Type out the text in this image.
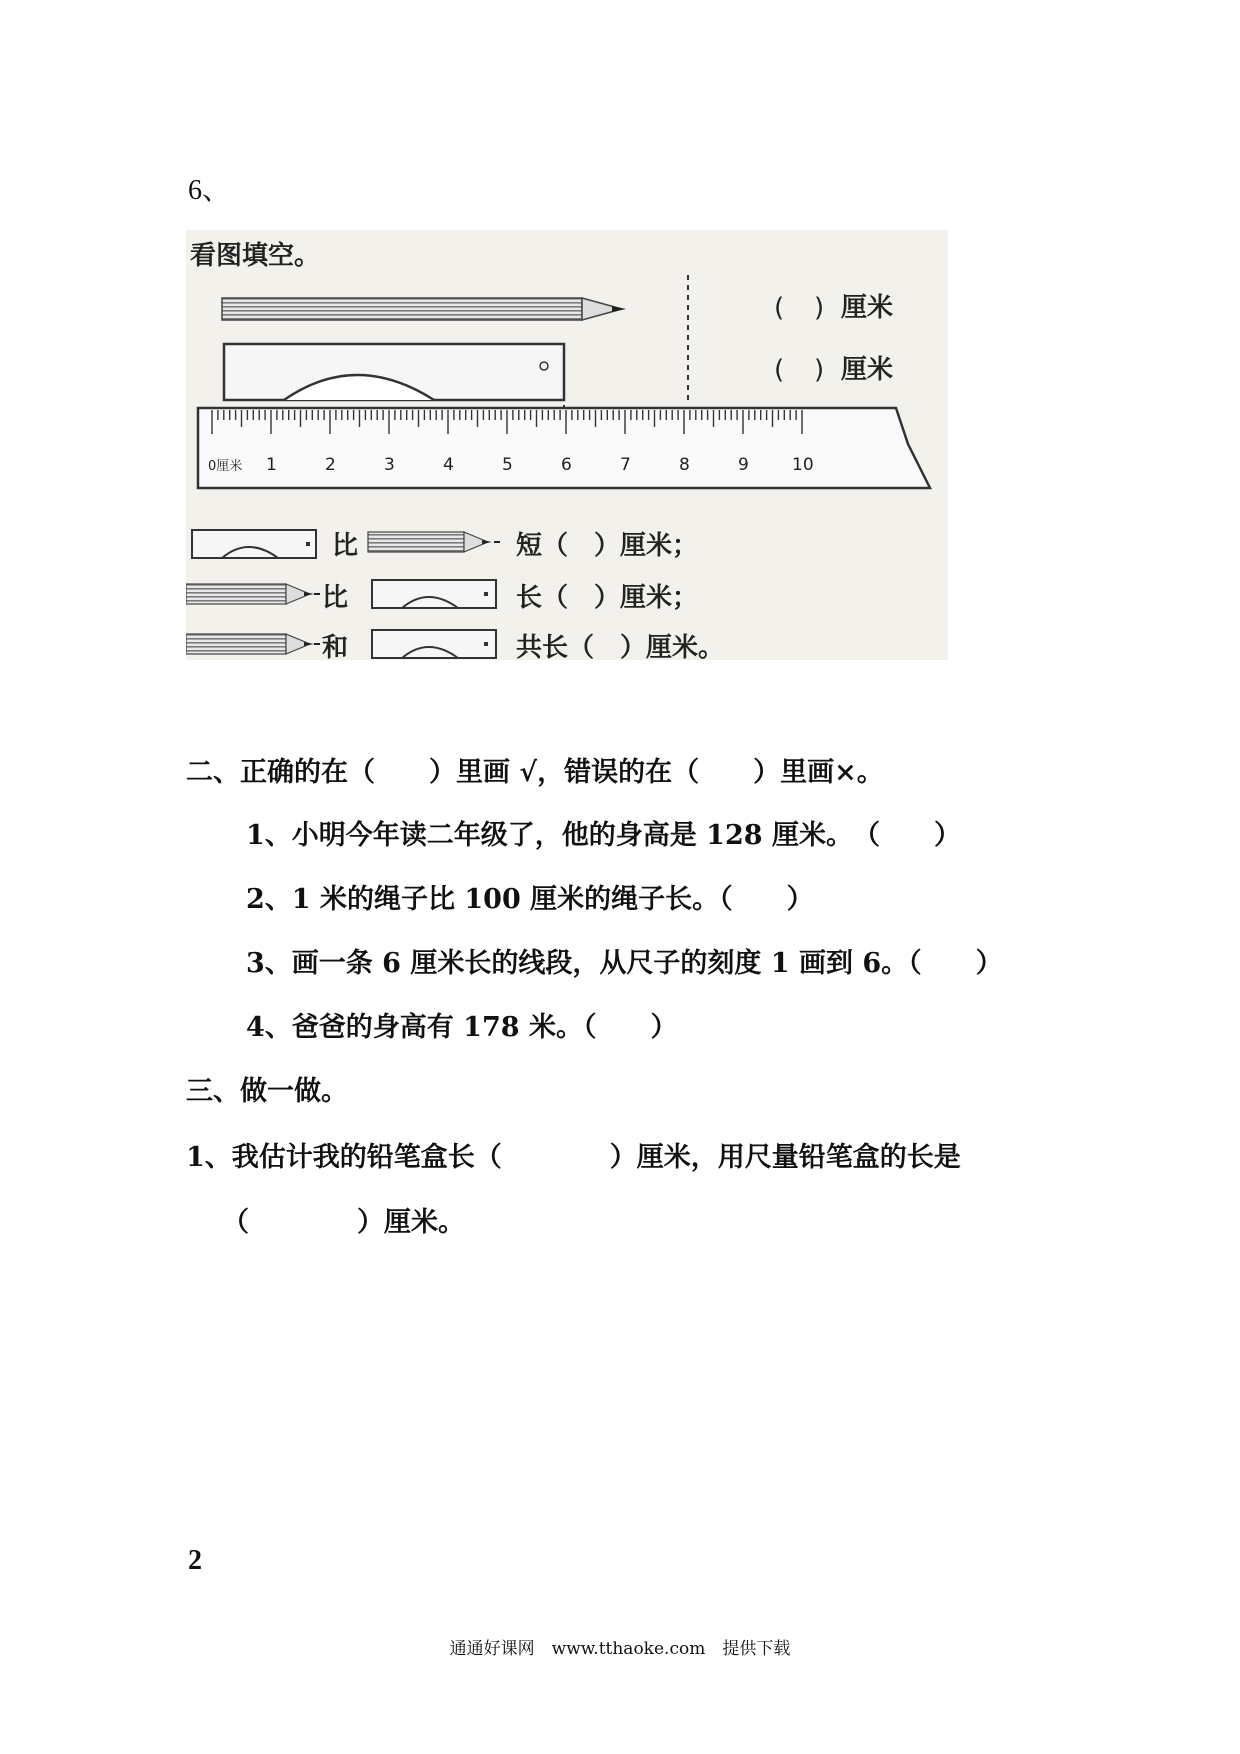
6、
看图填空。
( ) 厘米
( ) 厘米
0厘米 1	2	3	4	5	6	7	8	9	10
比	短（　）厘米；
比	长（　）厘米；
和	共长（　）厘米。
二、正确的在（　　）里画 √，错误的在（　　）里画×。
1、小明今年读二年级了，他的身高是 128 厘米。　（　　）
2、1 米的绳子比 100 厘米的绳子长。（　　）
3、画一条 6 厘米长的线段，从尺子的刻度 1 画到 6。（　　）
4、爸爸的身高有 178 米。（　　）
三、做一做。
1、我估计我的铅笔盒长（　　　　）厘米，用尺量铅笔盒的长是
（　　　　）厘米。
2
通通好课网　www.tthaoke.com　提供下载
